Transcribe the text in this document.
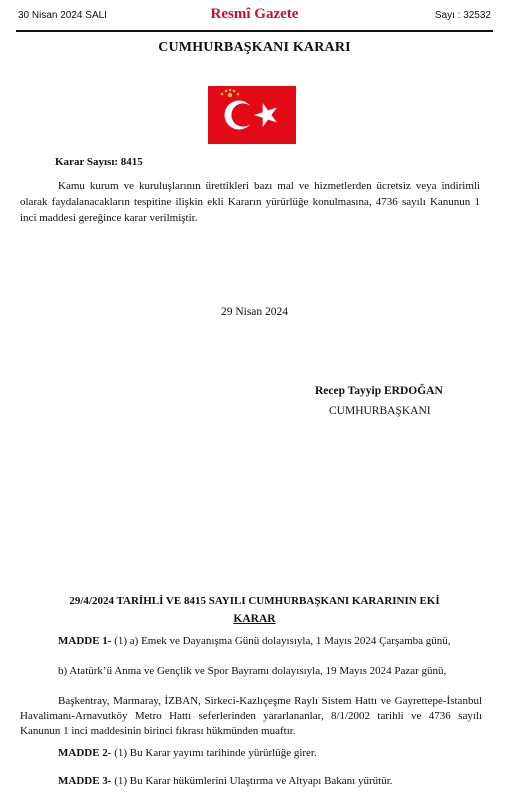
30 Nisan 2024 SALI	Resmî Gazete	Sayı : 32532
CUMHURBAŞKANI KARARI
Karar Sayısı: 8415
Kamu kurum ve kuruluşlarının ürettikleri bazı mal ve hizmetlerden ücretsiz veya indirimli olarak faydalanacakların tespitine ilişkin ekli Kararın yürürlüğe konulmasına, 4736 sayılı Kanunun 1 inci maddesi gereğince karar verilmiştir.
29 Nisan 2024
Recep Tayyip ERDOĞAN
CUMHURBAŞKANI
29/4/2024 TARİHLİ VE 8415 SAYILI CUMHURBAŞKANI KARARININ EKİ
KARAR
MADDE 1- (1) a) Emek ve Dayanışma Günü dolayısıyla, 1 Mayıs 2024 Çarşamba günü,
b) Atatürk’ü Anma ve Gençlik ve Spor Bayramı dolayısıyla, 19 Mayıs 2024 Pazar günü,
Başkentray, Marmaray, İZBAN, Sirkeci-Kazlıçeşme Raylı Sistem Hattı ve Gayrettepe-İstanbul Havalimanı-Arnavutköy Metro Hattı seferlerinden yararlananlar, 8/1/2002 tarihli ve 4736 sayılı Kanunun 1 inci maddesinin birinci fıkrası hükmünden muaftır.
MADDE 2- (1) Bu Karar yayımı tarihinde yürürlüğe girer.
MADDE 3- (1) Bu Karar hükümlerini Ulaştırma ve Altyapı Bakanı yürütür.
